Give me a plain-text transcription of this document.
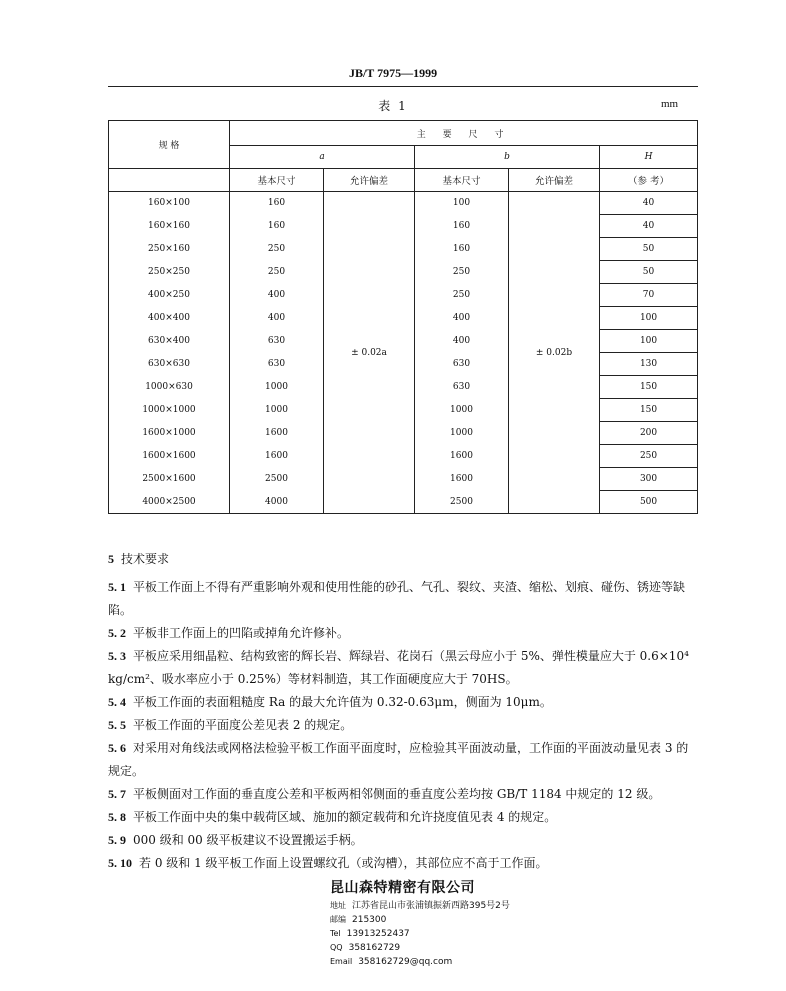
JB/T 7975—1999
表 1	mm
规 格	主 要 尺 寸				
	a		b		H
	基本尺寸	允许偏差	基本尺寸	允许偏差	（参 考）
160×100	160	± 0.02a	100	± 0.02b	40
160×160	160		160		40
250×160	250		160		50
250×250	250		250		50
400×250	400		250		70
400×400	400		400		100
630×400	630		400		100
630×630	630		630		130
1000×630	1000		630		150
1000×1000	1000		1000		150
1600×1000	1600		1000		200
1600×1600	1600		1600		250
2500×1600	2500		1600		300
4000×2500	4000		2500		500

5 技术要求

5. 1 平板工作面上不得有严重影响外观和使用性能的砂孔、气孔、裂纹、夹渣、缩松、划痕、碰伤、锈迹等缺陷。

5. 2 平板非工作面上的凹陷或掉角允许修补。

5. 3 平板应采用细晶粒、结构致密的辉长岩、辉绿岩、花岗石（黑云母应小于 5%、弹性模量应大于 0.6×10⁴ kg/cm²、吸水率应小于 0.25%）等材料制造，其工作面硬度应大于 70HS。

5. 4 平板工作面的表面粗糙度 Ra 的最大允许值为 0.32-0.63μm，侧面为 10μm。

5. 5 平板工作面的平面度公差见表 2 的规定。

5. 6 对采用对角线法或网格法检验平板工作面平面度时，应检验其平面波动量，工作面的平面波动量见表 3 的规定。

5. 7 平板侧面对工作面的垂直度公差和平板两相邻侧面的垂直度公差均按 GB/T 1184 中规定的 12 级。

5. 8 平板工作面中央的集中载荷区域、施加的额定载荷和允许挠度值见表 4 的规定。

5. 9 000 级和 00 级平板建议不设置搬运手柄。

5. 10 若 0 级和 1 级平板工作面上设置螺纹孔（或沟槽），其部位应不高于工作面。

昆山森特精密有限公司
地址 江苏省昆山市张浦镇振新西路395号2号
邮编 215300
Tel 13913252437
QQ 358162729
Email 358162729@qq.com
